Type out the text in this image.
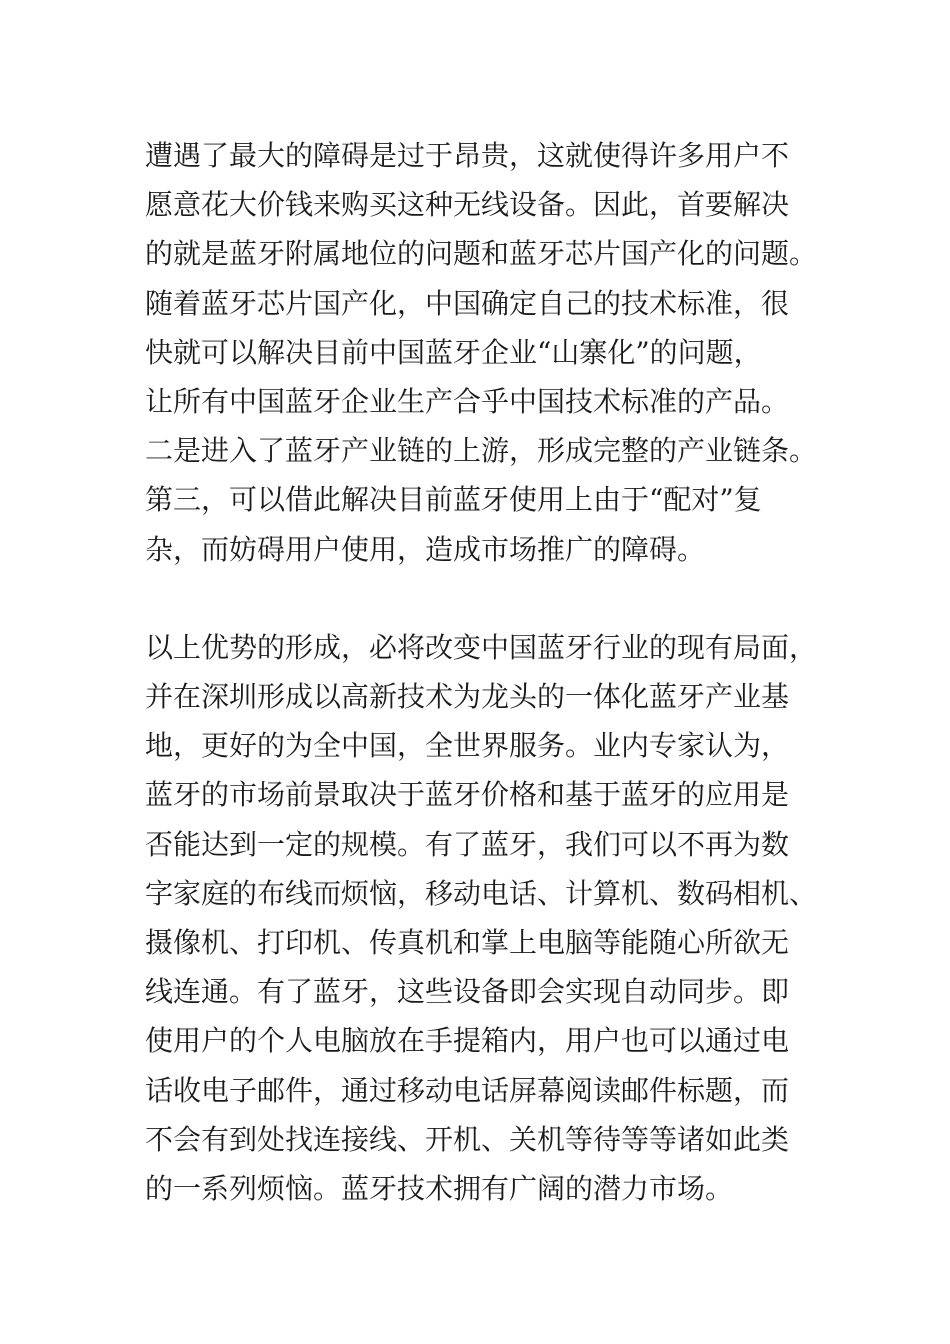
遭遇了最大的障碍是过于昂贵，这就使得许多用户不
愿意花大价钱来购买这种无线设备。因此，首要解决
的就是蓝牙附属地位的问题和蓝牙芯片国产化的问题。
随着蓝牙芯片国产化，中国确定自己的技术标准，很
快就可以解决目前中国蓝牙企业“山寨化”的问题，
让所有中国蓝牙企业生产合乎中国技术标准的产品。
二是进入了蓝牙产业链的上游，形成完整的产业链条。
第三，可以借此解决目前蓝牙使用上由于“配对”复
杂，而妨碍用户使用，造成市场推广的障碍。

以上优势的形成，必将改变中国蓝牙行业的现有局面，
并在深圳形成以高新技术为龙头的一体化蓝牙产业基
地，更好的为全中国，全世界服务。业内专家认为，
蓝牙的市场前景取决于蓝牙价格和基于蓝牙的应用是
否能达到一定的规模。有了蓝牙，我们可以不再为数
字家庭的布线而烦恼，移动电话、计算机、数码相机、
摄像机、打印机、传真机和掌上电脑等能随心所欲无
线连通。有了蓝牙，这些设备即会实现自动同步。即
使用户的个人电脑放在手提箱内，用户也可以通过电
话收电子邮件，通过移动电话屏幕阅读邮件标题，而
不会有到处找连接线、开机、关机等待等等诸如此类
的一系列烦恼。蓝牙技术拥有广阔的潜力市场。
